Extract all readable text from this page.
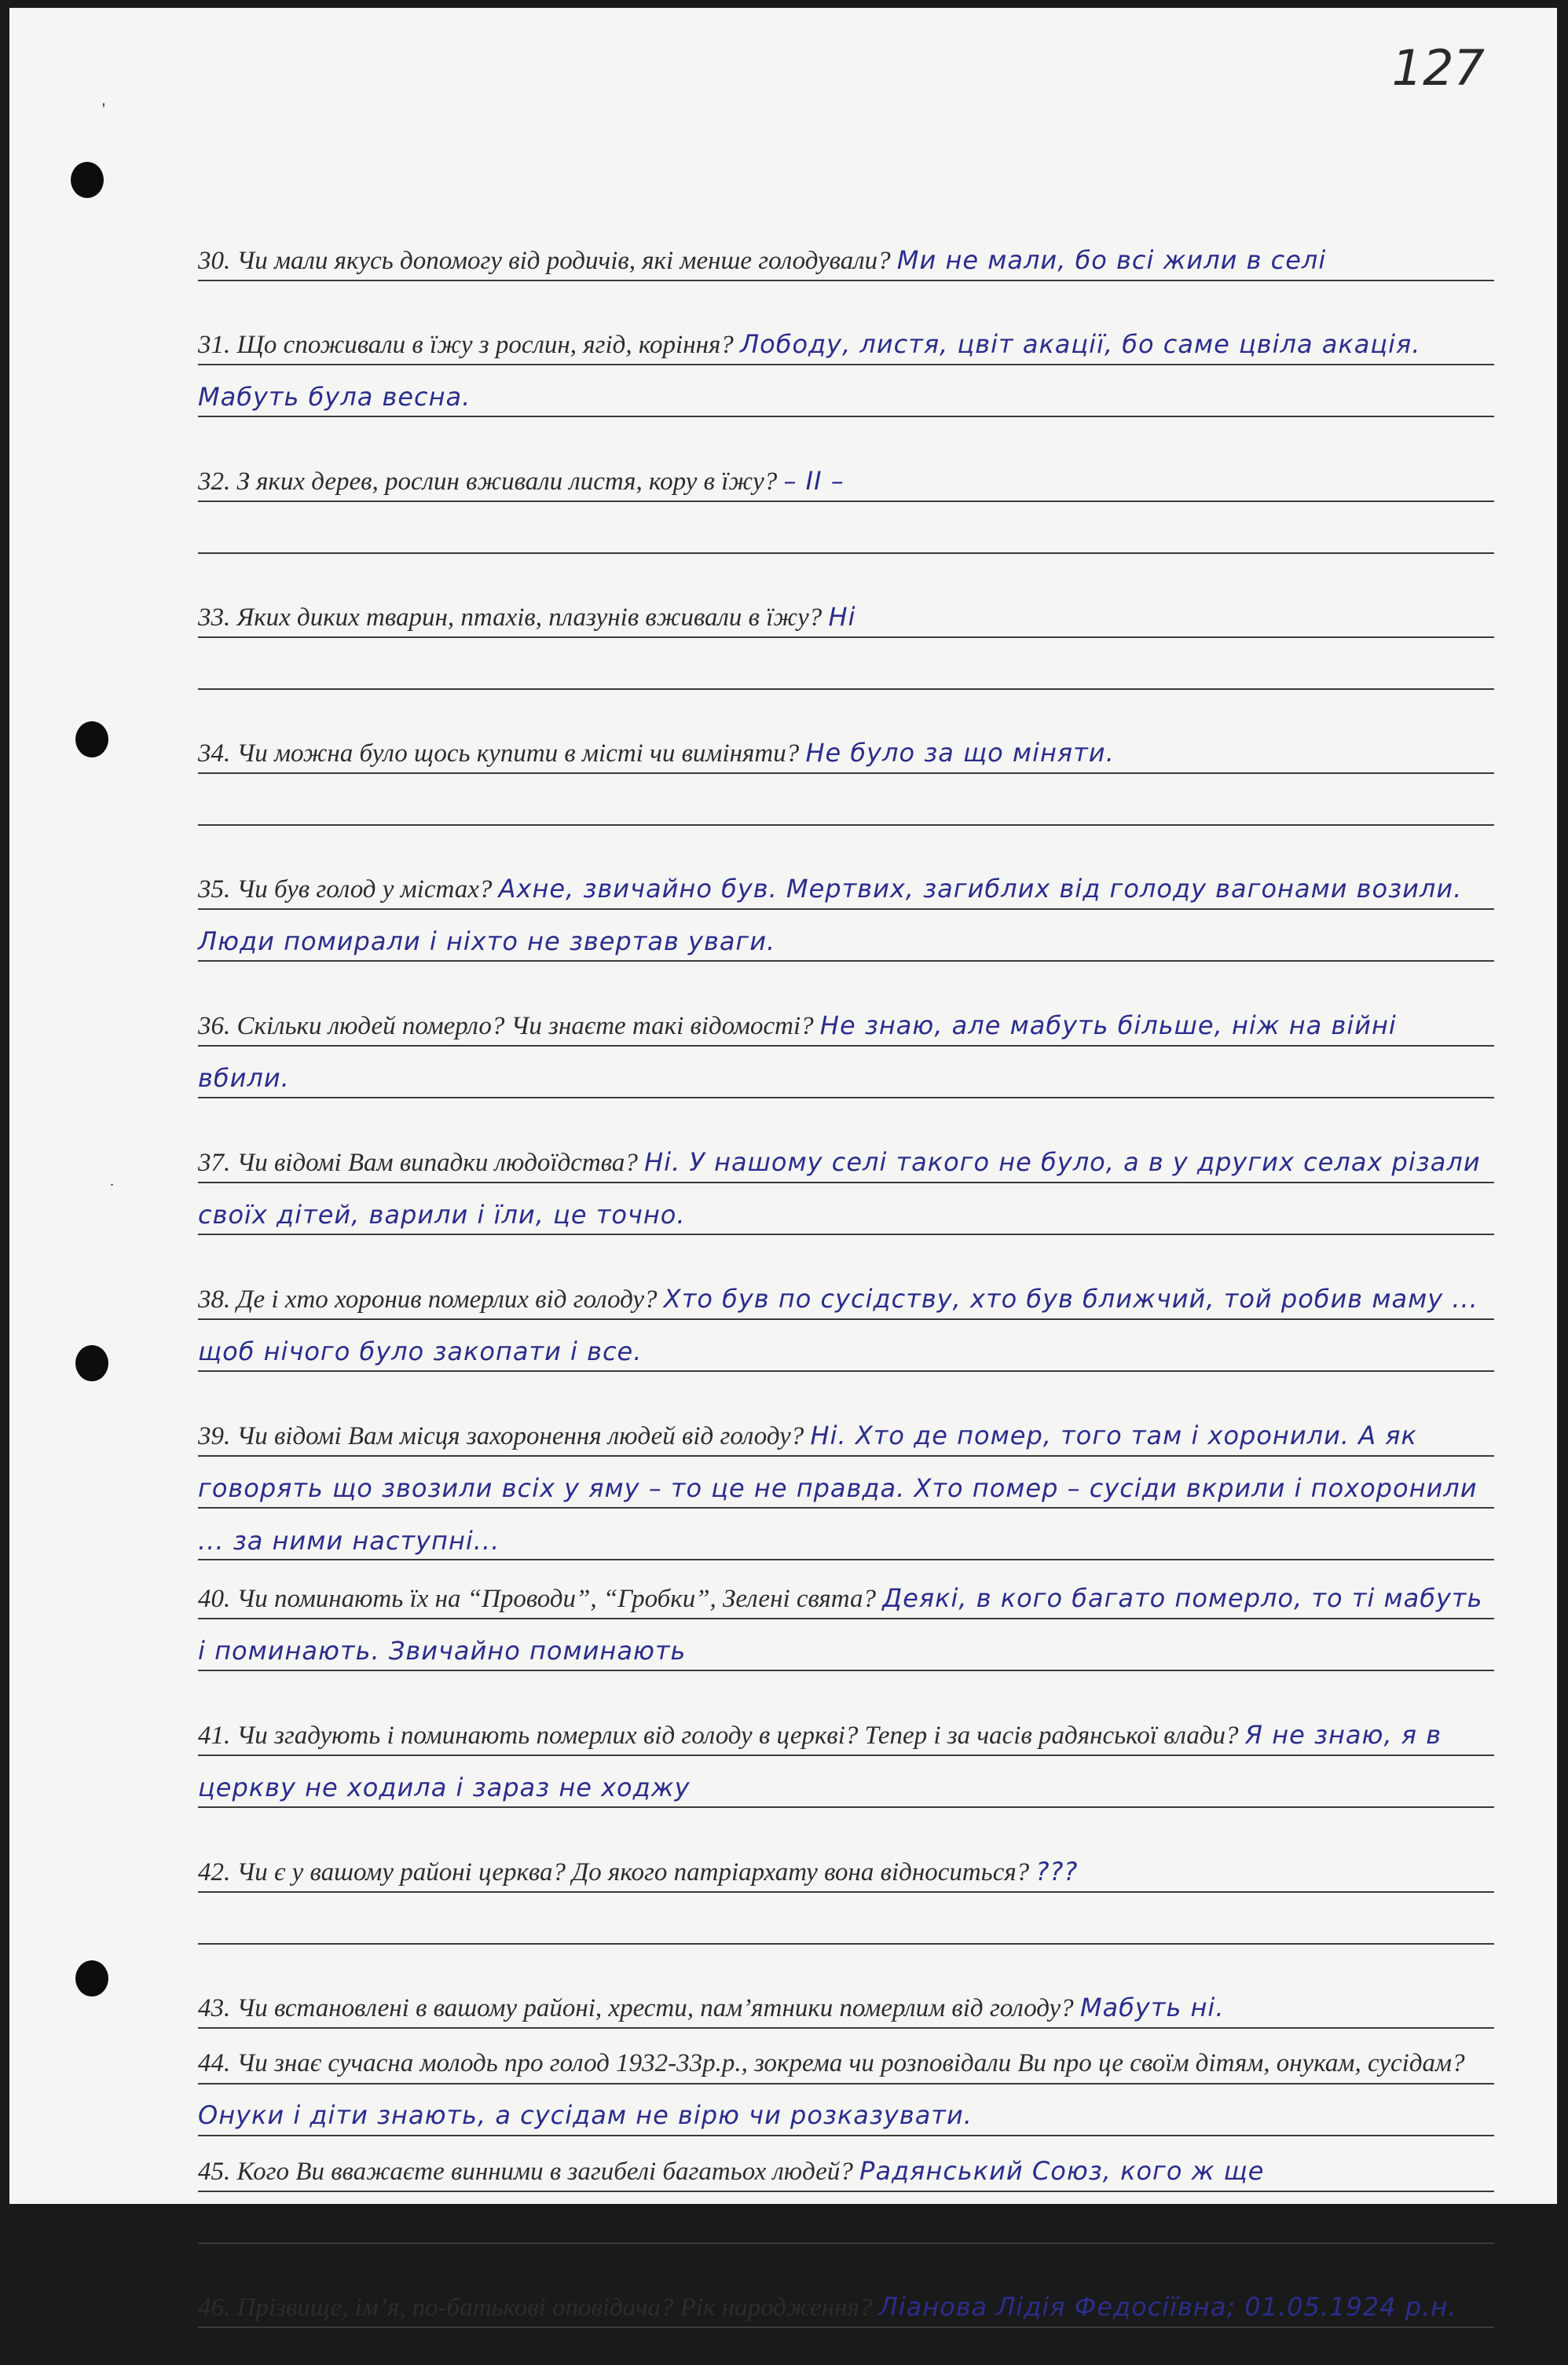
'
.
127

30. Чи мали якусь допомогу від родичів, які менше голодували? Ми не мали, бо всі жили в селі

31. Що споживали в їжу з рослин, ягід, коріння? Лободу, листя, цвіт акації, бо саме цвіла акація. Мабуть була весна.

32. З яких дерев, рослин вживали листя, кору в їжу? – II –

33. Яких диких тварин, птахів, плазунів вживали в їжу? Ні

34. Чи можна було щось купити в місті чи виміняти? Не було за що міняти.

35. Чи був голод у містах? Ахне, звичайно був. Мертвих, загиблих від голоду вагонами возили. Люди помирали і ніхто не звертав уваги.

36. Скільки людей померло? Чи знаєте такі відомості? Не знаю, але мабуть більше, ніж на війні вбили.

37. Чи відомі Вам випадки людоїдства? Ні. У нашому селі такого не було, а в у других селах різали своїх дітей, варили і їли, це точно.

38. Де і хто хоронив померлих від голоду? Хто був по сусідству, хто був ближчий, той робив маму ... щоб нічого було закопати і все.

39. Чи відомі Вам місця захоронення людей від голоду? Ні. Хто де помер, того там і хоронили. А як говорять що звозили всіх у яму – то це не правда. Хто помер – сусіди вкрили і похоронили ... за ними наступні...

40. Чи поминають їх на “Проводи”, “Гробки”, Зелені свята? Деякі, в кого багато померло, то ті мабуть і поминають. Звичайно поминають

41. Чи згадують і поминають померлих від голоду в церкві? Тепер і за часів радянської влади? Я не знаю, я в церкву не ходила і зараз не ходжу

42. Чи є у вашому районі церква? До якого патріархату вона відноситься? ???

43. Чи встановлені в вашому районі, хрести, пам’ятники померлим від голоду? Мабуть ні.

44. Чи знає сучасна молодь про голод 1932-33р.р., зокрема чи розповідали Ви про це своїм дітям, онукам, сусідам? Онуки і діти знають, а сусідам не вірю чи розказувати.

45. Кого Ви вважаєте винними в загибелі багатьох людей? Радянський Союз, кого ж ще

46. Прізвище, ім’я, по-батькові оповідача? Рік народження? Ліанова Лідія Федосіївна; 01.05.1924 р.н.
